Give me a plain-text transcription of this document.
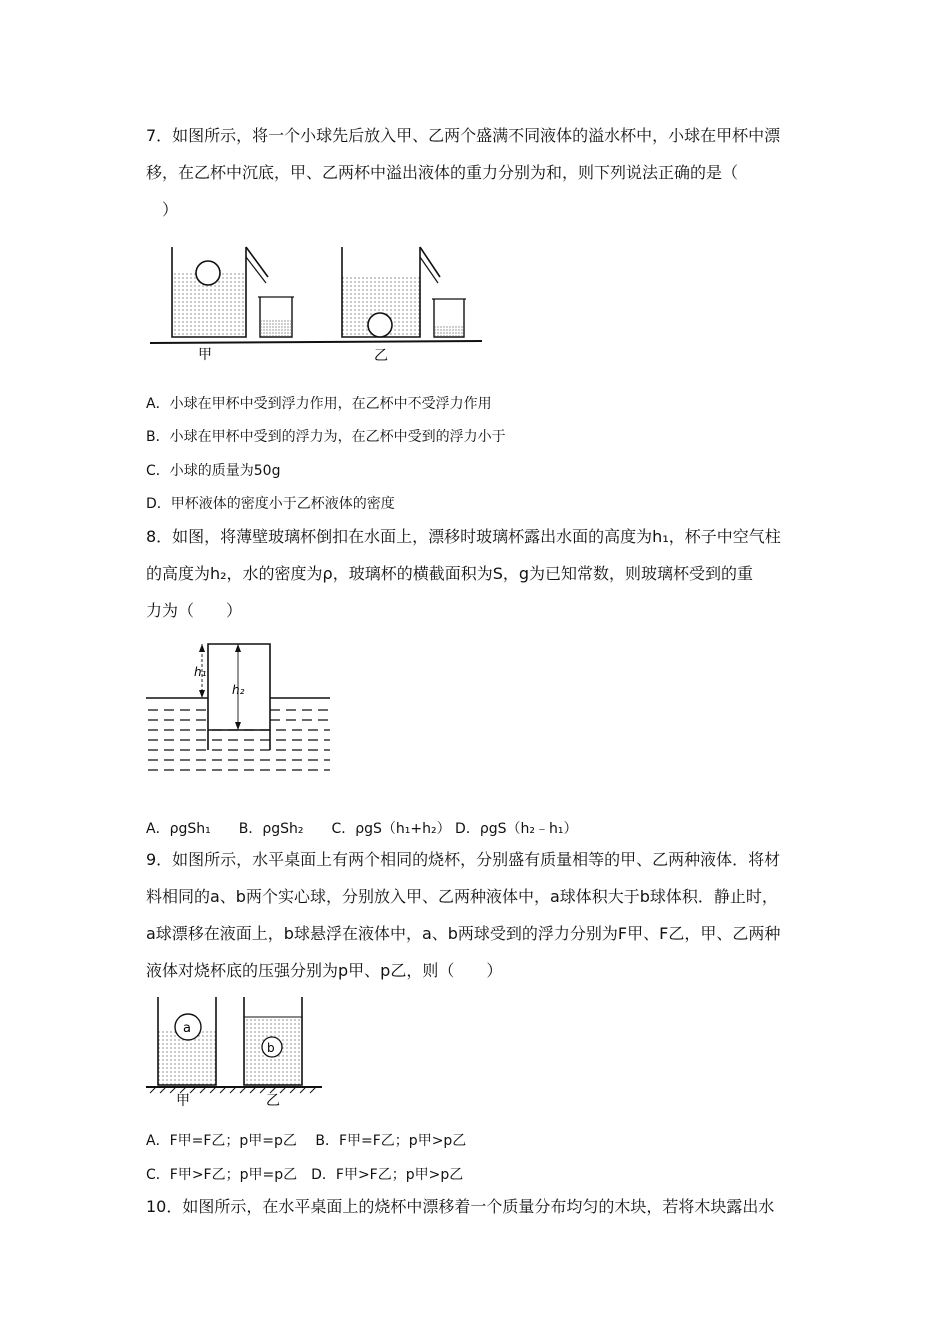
7．如图所示，将一个小球先后放入甲、乙两个盛满不同液体的溢水杯中，小球在甲杯中漂
移，在乙杯中沉底，甲、乙两杯中溢出液体的重力分别为和，则下列说法正确的是（
　）
甲	乙
A．小球在甲杯中受到浮力作用，在乙杯中不受浮力作用
B．小球在甲杯中受到的浮力为，在乙杯中受到的浮力小于
C．小球的质量为50g
D．甲杯液体的密度小于乙杯液体的密度
8．如图，将薄壁玻璃杯倒扣在水面上，漂移时玻璃杯露出水面的高度为h₁，杯子中空气柱
的高度为h₂，水的密度为ρ，玻璃杯的横截面积为S，g为已知常数，则玻璃杯受到的重
力为（　　）
h₁
h₂
A．ρgSh₁　　B．ρgSh₂　　C．ρgS（h₁+h₂） D．ρgS（h₂﹣h₁）
9．如图所示，水平桌面上有两个相同的烧杯，分别盛有质量相等的甲、乙两种液体．将材
料相同的a、b两个实心球，分别放入甲、乙两种液体中，a球体积大于b球体积．静止时，
a球漂移在液面上，b球悬浮在液体中，a、b两球受到的浮力分别为F甲、F乙，甲、乙两种
液体对烧杯底的压强分别为p甲、p乙，则（　　）
a
b
甲	乙
A．F甲=F乙；p甲=p乙　 B．F甲=F乙；p甲>p乙
C．F甲>F乙；p甲=p乙　D．F甲>F乙；p甲>p乙
10．如图所示，在水平桌面上的烧杯中漂移着一个质量分布均匀的木块，若将木块露出水
